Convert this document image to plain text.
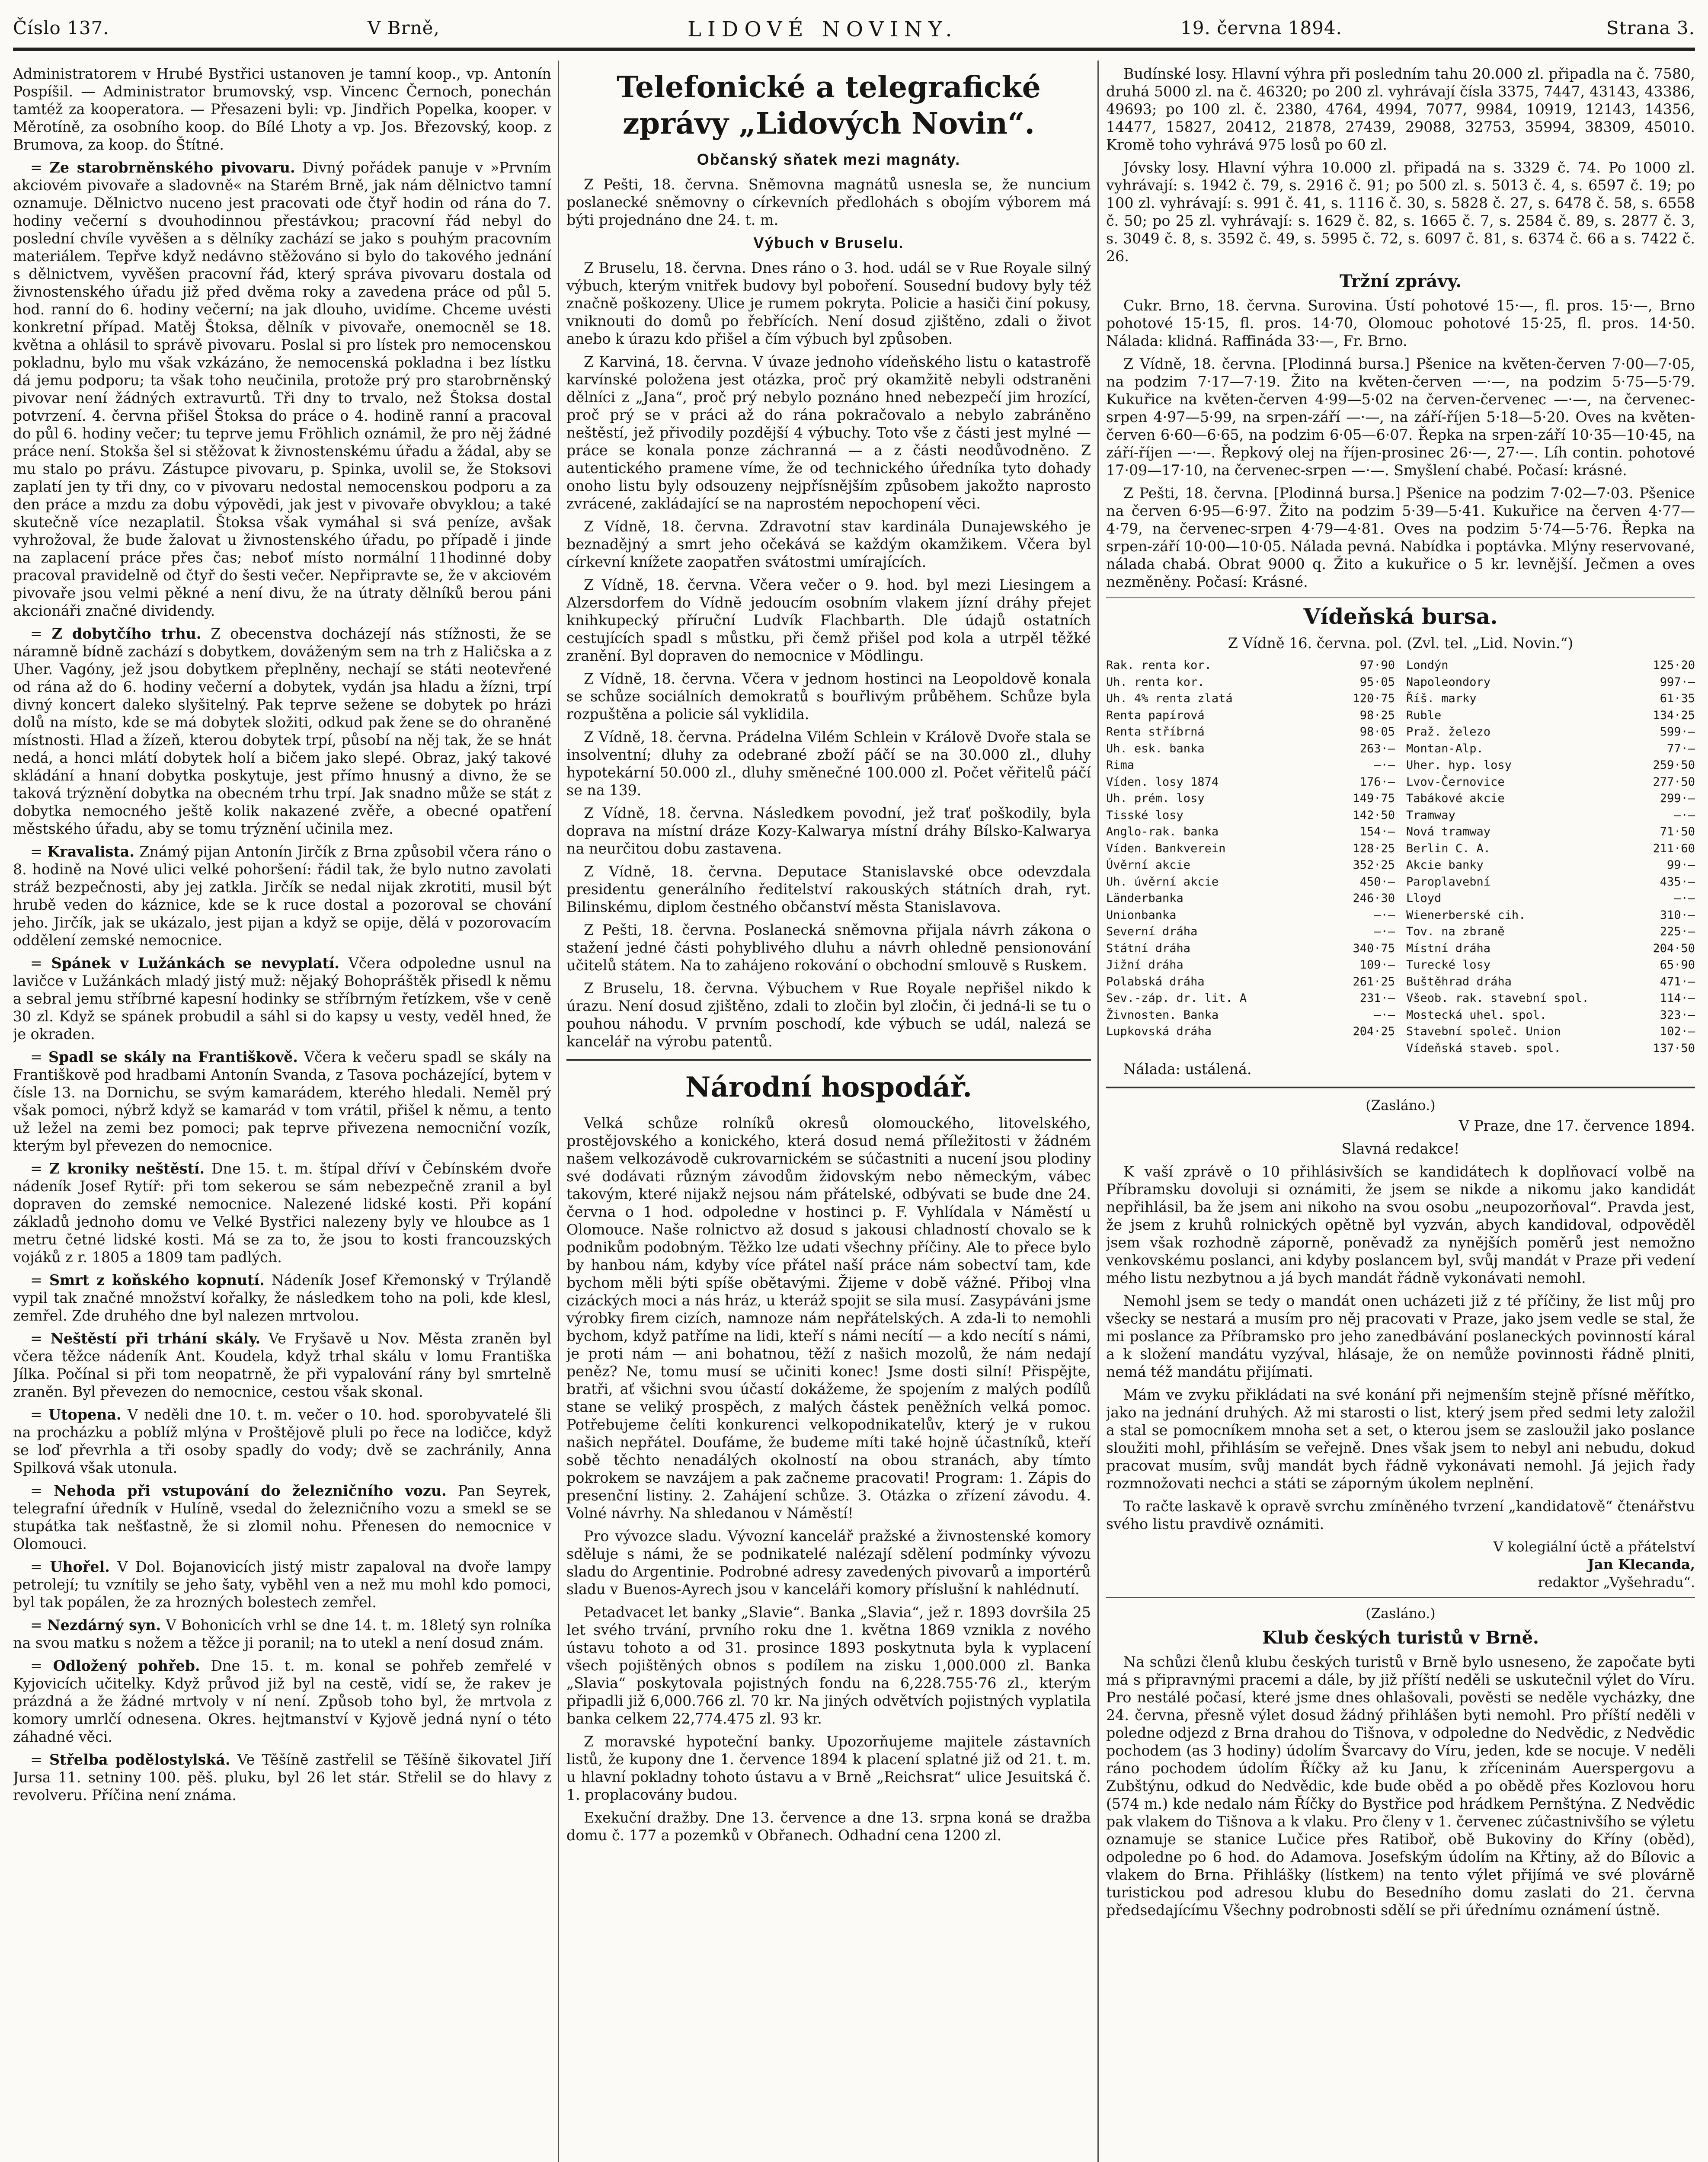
Číslo 137.	V Brně,	LIDOVÉ NOVINY.	19. června 1894.	Strana 3.

Administratorem v Hrubé Bystřici ustanoven je tamní koop., vp. Antonín Pospíšil. — Administrator brumovský, vsp. Vincenc Černoch, ponechán tamtéž za kooperatora. — Přesazeni byli: vp. Jindřich Popelka, kooper. v Měrotíně, za osobního koop. do Bílé Lhoty a vp. Jos. Březovský, koop. z Brumova, za koop. do Štítné.

= Ze starobrněnského pivovaru. Divný pořádek panuje v »Prvním akciovém pivovaře a sladovně« na Starém Brně, jak nám dělnictvo tamní oznamuje. Dělnictvo nuceno jest pracovati ode čtyř hodin od rána do 7. hodiny večerní s dvouhodinnou přestávkou; pracovní řád nebyl do poslední chvíle vyvěšen a s dělníky zachází se jako s pouhým pracovním materiálem. Tepřve když nedávno stěžováno si bylo do takového jednání s dělnictvem, vyvěšen pracovní řád, který správa pivovaru dostala od živnostenského úřadu již před dvěma roky a zavedena práce od půl 5. hod. ranní do 6. hodiny večerní; na jak dlouho, uvidíme. Chceme uvésti konkretní případ. Matěj Štoksa, dělník v pivovaře, onemocněl se 18. května a ohlásil to správě pivovaru. Poslal si pro lístek pro nemocenskou pokladnu, bylo mu však vzkázáno, že nemocenská pokladna i bez lístku dá jemu podporu; ta však toho neučinila, protože prý pro starobrněnský pivovar není žádných extravurtů. Tři dny to trvalo, než Štoksa dostal potvrzení. 4. června přišel Štoksa do práce o 4. hodině ranní a pracoval do půl 6. hodiny večer; tu teprve jemu Fröhlich oznámil, že pro něj žádné práce není. Stokša šel si stěžovat k živnostenskému úřadu a žádal, aby se mu stalo po právu. Zástupce pivovaru, p. Spinka, uvolil se, že Stoksovi zaplatí jen ty tři dny, co v pivovaru nedostal nemocenskou podporu a za den práce a mzdu za dobu výpovědi, jak jest v pivovaře obvyklou; a také skutečně více nezaplatil. Štoksa však vymáhal si svá peníze, avšak vyhrožoval, že bude žalovat u živnostenského úřadu, po případě i jinde na zaplacení práce přes čas; neboť místo normální 11hodinné doby pracoval pravidelně od čtyř do šesti večer. Nepřipravte se, že v akciovém pivovaře jsou velmi pěkné a není divu, že na útraty dělníků berou páni akcionáři značné dividendy.

= Z dobytčího trhu. Z obecenstva docházejí nás stížnosti, že se náramně bídně zachází s dobytkem, dováženým sem na trh z Haličska a z Uher. Vagóny, jež jsou dobytkem přeplněny, nechají se státi neotevřené od rána až do 6. hodiny večerní a dobytek, vydán jsa hladu a žízni, trpí divný koncert daleko slyšitelný. Pak teprve sežene se dobytek po hrázi dolů na místo, kde se má dobytek složiti, odkud pak žene se do ohraněné místnosti. Hlad a žízeň, kterou dobytek trpí, působí na něj tak, že se hnát nedá, a honci mlátí dobytek holí a bičem jako slepé. Obraz, jaký takové skládání a hnaní dobytka poskytuje, jest přímo hnusný a divno, že se taková trýznění dobytka na obecném trhu trpí. Jak snadno může se stát z dobytka nemocného ještě kolik nakazené zvěře, a obecné opatření městského úřadu, aby se tomu trýznění učinila mez.

= Kravalista. Známý pijan Antonín Jirčík z Brna způsobil včera ráno o 8. hodině na Nové ulici velké pohoršení: řádil tak, že bylo nutno zavolati stráž bezpečnosti, aby jej zatkla. Jirčík se nedal nijak zkrotiti, musil být hrubě veden do káznice, kde se k ruce dostal a pozoroval se chování jeho. Jirčík, jak se ukázalo, jest pijan a když se opije, dělá v pozorovacím oddělení zemské nemocnice.

= Spánek v Lužánkách se nevyplatí. Včera odpoledne usnul na lavičce v Lužánkách mladý jistý muž: nějaký Bohopráštěk přisedl k němu a sebral jemu stříbrné kapesní hodinky se stříbrným řetízkem, vše v ceně 30 zl. Když se spánek probudil a sáhl si do kapsy u vesty, veděl hned, že je okraden.

= Spadl se skály na Františkově. Včera k večeru spadl se skály na Františkově pod hradbami Antonín Svanda, z Tasova pocházející, bytem v čísle 13. na Dornichu, se svým kamarádem, kterého hledali. Neměl prý však pomoci, nýbrž když se kamarád v tom vrátil, přišel k němu, a tento už ležel na zemi bez pomoci; pak teprve přivezena nemocniční vozík, kterým byl převezen do nemocnice.

= Z kroniky neštěstí. Dne 15. t. m. štípal dříví v Čebínském dvoře nádeník Josef Rytíř: při tom sekerou se sám nebezpečně zranil a byl dopraven do zemské nemocnice. Nalezené lidské kosti. Při kopání základů jednoho domu ve Velké Bystřici nalezeny byly ve hloubce as 1 metru četné lidské kosti. Má se za to, že jsou to kosti francouzských vojáků z r. 1805 a 1809 tam padlých.

= Smrt z koňského kopnutí. Nádeník Josef Křemonský v Trýlandě vypil tak značné množství kořalky, že následkem toho na poli, kde klesl, zemřel. Zde druhého dne byl nalezen mrtvolou.

= Neštěstí při trhání skály. Ve Fryšavě u Nov. Města zraněn byl včera těžce nádeník Ant. Koudela, když trhal skálu v lomu Františka Jílka. Počínal si při tom neopatrně, že při vypalování rány byl smrtelně zraněn. Byl převezen do nemocnice, cestou však skonal.

= Utopena. V neděli dne 10. t. m. večer o 10. hod. sporobyvatelé šli na procházku a poblíž mlýna v Proštějově pluli po řece na lodičce, když se loď převrhla a tři osoby spadly do vody; dvě se zachránily, Anna Spilková však utonula.

= Nehoda při vstupování do železničního vozu. Pan Seyrek, telegrafní úředník v Hulíně, vsedal do železničního vozu a smekl se se stupátka tak nešťastně, že si zlomil nohu. Přenesen do nemocnice v Olomouci.

= Uhořel. V Dol. Bojanovicích jistý mistr zapaloval na dvoře lampy petrolejí; tu vznítily se jeho šaty, vyběhl ven a než mu mohl kdo pomoci, byl tak popálen, že za hrozných bolestech zemřel.

= Nezdárný syn. V Bohonicích vrhl se dne 14. t. m. 18letý syn rolníka na svou matku s nožem a těžce ji poranil; na to utekl a není dosud znám.

= Odložený pohřeb. Dne 15. t. m. konal se pohřeb zemřelé v Kyjovicích učitelky. Když průvod již byl na cestě, vidí se, že rakev je prázdná a že žádné mrtvoly v ní není. Způsob toho byl, že mrtvola z komory umrlčí odnesena. Okres. hejtmanství v Kyjově jedná nyní o této záhadné věci.

= Střelba podělostylská. Ve Těšíně zastřelil se Těšíně šikovatel Jiří Jursa 11. setniny 100. pěš. pluku, byl 26 let stár. Střelil se do hlavy z revolveru. Příčina není známa.

Telefonické a telegrafické zprávy „Lidových Novin“.
Občanský sňatek mezi magnáty.

Z Pešti, 18. června. Sněmovna magnátů usnesla se, že nuncium poslanecké sněmovny o církevních předlohách s obojím výborem má býti projednáno dne 24. t. m.

Výbuch v Bruselu.

Z Bruselu, 18. června. Dnes ráno o 3. hod. udál se v Rue Royale silný výbuch, kterým vnitřek budovy byl poboření. Sousední budovy byly též značně poškozeny. Ulice je rumem pokryta. Policie a hasiči činí pokusy, vniknouti do domů po řebřících. Není dosud zjištěno, zdali o život anebo k úrazu kdo přišel a čím výbuch byl způsoben.

Z Karviná, 18. června. V úvaze jednoho vídeňského listu o katastrofě karvínské položena jest otázka, proč prý okamžitě nebyli odstraněni dělníci z „Jana“, proč prý nebylo poznáno hned nebezpečí jim hrozící, proč prý se v práci až do rána pokračovalo a nebylo zabráněno neštěstí, jež přivodily pozdější 4 výbuchy. Toto vše z části jest mylné — práce se konala ponze záchranná — a z části neodůvodněno. Z autentického pramene víme, že od technického úředníka tyto dohady onoho listu byly odsouzeny nejpřísnějším způsobem jakožto naprosto zvrácené, zakládající se na naprostém nepochopení věci.

Z Vídně, 18. června. Zdravotní stav kardinála Dunajewského je beznadějný a smrt jeho očekává se každým okamžikem. Včera byl církevní knížete zaopatřen svátostmi umírajících.

Z Vídně, 18. června. Včera večer o 9. hod. byl mezi Liesingem a Alzersdorfem do Vídně jedoucím osobním vlakem jízní dráhy přejet knihkupecký příruční Ludvík Flachbarth. Dle údajů ostatních cestujících spadl s můstku, při čemž přišel pod kola a utrpěl těžké zranění. Byl dopraven do nemocnice v Mödlingu.

Z Vídně, 18. června. Včera v jednom hostinci na Leopoldově konala se schůze sociálních demokratů s bouřlivým průběhem. Schůze byla rozpuštěna a policie sál vyklidila.

Z Vídně, 18. června. Prádelna Vilém Schlein v Králově Dvoře stala se insolventní; dluhy za odebrané zboží páčí se na 30.000 zl., dluhy hypotekární 50.000 zl., dluhy směnečné 100.000 zl. Počet věřitelů páčí se na 139.

Z Vídně, 18. června. Následkem povodní, jež trať poškodily, byla doprava na místní dráze Kozy-Kalwarya místní dráhy Bílsko-Kalwarya na neurčitou dobu zastavena.

Z Vídně, 18. června. Deputace Stanislavské obce odevzdala presidentu generálního ředitelství rakouských státních drah, ryt. Bilinskému, diplom čestného občanství města Stanislavova.

Z Pešti, 18. června. Poslanecká sněmovna přijala návrh zákona o stažení jedné části pohyblivého dluhu a návrh ohledně pensionování učitelů státem. Na to zahájeno rokování o obchodní smlouvě s Ruskem.

Z Bruselu, 18. června. Výbuchem v Rue Royale nepřišel nikdo k úrazu. Není dosud zjištěno, zdali to zločin byl zločin, či jedná-li se tu o pouhou náhodu. V prvním poschodí, kde výbuch se udál, nalezá se kancelář na výrobu patentů.

Národní hospodář.

Velká schůze rolníků okresů olomouckého, litovelského, prostějovského a konického, která dosud nemá příležitosti v žádném našem velkozávodě cukrovarnickém se súčastniti a nucení jsou plodiny své dodávati různým závodům židovským nebo německým, vábec takovým, které nijakž nejsou nám přátelské, odbývati se bude dne 24. června o 1 hod. odpoledne v hostinci p. F. Vyhlídala v Náměstí u Olomouce. Naše rolnictvo až dosud s jakousi chladností chovalo se k podnikům podobným. Těžko lze udati všechny příčiny. Ale to přece bylo by hanbou nám, kdyby více přátel naší práce nám sobectví tam, kde bychom měli býti spíše obětavými. Žijeme v době vážné. Přiboj vlna cizáckých moci a nás hráz, u kteráž spojit se sila musí. Zasypáváni jsme výrobky firem cizích, namnoze nám nepřátelských. A zda-li to nemohli bychom, když patříme na lidi, kteří s námi necítí — a kdo necítí s námi, je proti nám — ani bohatnou, těží z našich mozolů, že nám nedají peněz? Ne, tomu musí se učiniti konec! Jsme dosti silní! Přispějte, bratři, ať všichni svou účastí dokážeme, že spojením z malých podílů stane se veliký prospěch, z malých částek peněžních velká pomoc. Potřebujeme čelíti konkurenci velkopodnikatelův, který je v rukou našich nepřátel. Doufáme, že budeme míti také hojně účastníků, kteří sobě těchto nenadálých okolností na obou stranách, aby tímto pokrokem se navzájem a pak začneme pracovati! Program: 1. Zápis do presenční listiny. 2. Zahájení schůze. 3. Otázka o zřízení závodu. 4. Volné návrhy. Na shledanou v Náměstí!

Pro vývozce sladu. Vývozní kancelář pražské a živnostenské komory sděluje s námi, že se podnikatelé nalézají sdělení podmínky vývozu sladu do Argentinie. Podrobné adresy zavedených pivovarů a importérů sladu v Buenos-Ayrech jsou v kanceláři komory příslušní k nahlédnutí.

Petadvacet let banky „Slavie“. Banka „Slavia“, jež r. 1893 dovršila 25 let svého trvání, prvního roku dne 1. května 1869 vznikla z nového ústavu tohoto a od 31. prosince 1893 poskytnuta byla k vyplacení všech pojištěných obnos s podílem na zisku 1,000.000 zl. Banka „Slavia“ poskytovala pojistných fondu na 6,228.755·76 zl., kterým připadli již 6,000.766 zl. 70 kr. Na jiných odvětvích pojistných vyplatila banka celkem 22,774.475 zl. 93 kr.

Z moravské hypoteční banky. Upozorňujeme majitele zástavních listů, že kupony dne 1. července 1894 k placení splatné již od 21. t. m. u hlavní pokladny tohoto ústavu a v Brně „Reichsrat“ ulice Jesuitská č. 1. proplacovány budou.

Exekuční dražby. Dne 13. července a dne 13. srpna koná se dražba domu č. 177 a pozemků v Obřanech. Odhadní cena 1200 zl.

Budínské losy. Hlavní výhra při posledním tahu 20.000 zl. připadla na č. 7580, druhá 5000 zl. na č. 46320; po 200 zl. vyhrávají čísla 3375, 7447, 43143, 43386, 49693; po 100 zl. č. 2380, 4764, 4994, 7077, 9984, 10919, 12143, 14356, 14477, 15827, 20412, 21878, 27439, 29088, 32753, 35994, 38309, 45010. Kromě toho vyhrává 975 losů po 60 zl.

Jóvsky losy. Hlavní výhra 10.000 zl. připadá na s. 3329 č. 74. Po 1000 zl. vyhrávají: s. 1942 č. 79, s. 2916 č. 91; po 500 zl. s. 5013 č. 4, s. 6597 č. 19; po 100 zl. vyhrávají: s. 991 č. 41, s. 1116 č. 30, s. 5828 č. 27, s. 6478 č. 58, s. 6558 č. 50; po 25 zl. vyhrávají: s. 1629 č. 82, s. 1665 č. 7, s. 2584 č. 89, s. 2877 č. 3, s. 3049 č. 8, s. 3592 č. 49, s. 5995 č. 72, s. 6097 č. 81, s. 6374 č. 66 a s. 7422 č. 26.

Tržní zprávy.

Cukr. Brno, 18. června. Surovina. Ústí pohotové 15·—, fl. pros. 15·—, Brno pohotové 15·15, fl. pros. 14·70, Olomouc pohotové 15·25, fl. pros. 14·50. Nálada: klidná. Raffináda 33·—, Fr. Brno.

Z Vídně, 18. června. [Plodinná bursa.] Pšenice na květen-červen 7·00—7·05, na podzim 7·17—7·19. Žito na květen-červen —·—, na podzim 5·75—5·79. Kukuřice na květen-červen 4·99—5·02 na červen-červenec —·—, na červenec-srpen 4·97—5·99, na srpen-září —·—, na září-říjen 5·18—5·20. Oves na květen-červen 6·60—6·65, na podzim 6·05—6·07. Řepka na srpen-září 10·35—10·45, na září-říjen —·—. Řepkový olej na říjen-prosinec 26·—, 27·—. Líh contin. pohotové 17·09—17·10, na červenec-srpen —·—. Smyšlení chabé. Počasí: krásné.

Z Pešti, 18. června. [Plodinná bursa.] Pšenice na podzim 7·02—7·03. Pšenice na červen 6·95—6·97. Žito na podzim 5·39—5·41. Kukuřice na červen 4·77—4·79, na červenec-srpen 4·79—4·81. Oves na podzim 5·74—5·76. Řepka na srpen-září 10·00—10·05. Nálada pevná. Nabídka i poptávka. Mlýny reservované, nálada chabá. Obrat 9000 q. Žito a kukuřice o 5 kr. levnější. Ječmen a oves nezměněny. Počasí: Krásné.

Vídeňská bursa.

Z Vídně 16. června. pol. (Zvl. tel. „Lid. Novin.“)

Rak. renta kor.	97·90
Uh. renta kor.	95·05
Uh. 4% renta zlatá	120·75
Renta papírová	98·25
Renta stříbrná	98·05
Uh. esk. banka	263·—
Rima	—·—
Víden. losy 1874	176·—
Uh. prém. losy	149·75
Tisské losy	142·50
Anglo-rak. banka	154·—
Víden. Bankverein	128·25
Úvěrní akcie	352·25
Uh. úvěrní akcie	450·—
Länderbanka	246·30
Unionbanka	—·—
Severní dráha	—·—
Státní dráha	340·75
Jižní dráha	109·—
Polabská dráha	261·25
Sev.-záp. dr. lit. A	231·—
Živnosten. Banka	—·—
Lupkovská dráha	204·25
Londýn	125·20
Napoleondory	997·—
Říš. marky	61·35
Ruble	134·25
Praž. železo	599·—
Montan-Alp.	77·—
Uher. hyp. losy	259·50
Lvov-Černovice	277·50
Tabákové akcie	299·—
Tramway	—·—
Nová tramway	71·50
Berlin C. A.	211·60
Akcie banky	99·—
Paroplavební	435·—
Lloyd	—·—
Wienerberské cih.	310·—
Tov. na zbraně	225·—
Místní dráha	204·50
Turecké losy	65·90
Buštěhrad dráha	471·—
Všeob. rak. stavební spol.	114·—
Mostecká uhel. spol.	323·—
Stavební společ. Union	102·—
Vídeňská staveb. spol.	137·50

Nálada: ustálená.

(Zasláno.)

V Praze, dne 17. července 1894.

Slavná redakce!

K vaší zprávě o 10 přihlásivších se kandidátech k doplňovací volbě na Příbramsku dovoluji si oznámiti, že jsem se nikde a nikomu jako kandidát nepřihlásil, ba že jsem ani nikoho na svou osobu „neupozorňoval“. Pravda jest, že jsem z kruhů rolnických opětně byl vyzván, abych kandidoval, odpověděl jsem však rozhodně záporně, poněvadž za nynějších poměrů jest nemožno venkovskému poslanci, ani kdyby poslancem byl, svůj mandát v Praze při vedení mého listu nezbytnou a já bych mandát řádně vykonávati nemohl.

Nemohl jsem se tedy o mandát onen ucházeti již z té příčiny, že list můj pro všecky se nestará a musím pro něj pracovati v Praze, jako jsem vedle se stal, že mi poslance za Příbramsko pro jeho zanedbávání poslaneckých povinností káral a k složení mandátu vyzýval, hlásaje, že on nemůže povinnosti řádně plniti, nemá též mandátu přijímati.

Mám ve zvyku přikládati na své konání při nejmenším stejně přísné měřítko, jako na jednání druhých. Až mi starosti o list, který jsem před sedmi lety založil a stal se pomocníkem mnoha set a set, o kterou jsem se zasloužil jako poslance sloužiti mohl, přihlásím se veřejně. Dnes však jsem to nebyl ani nebudu, dokud pracovat musím, svůj mandát bych řádně vykonávati nemohl. Já jejich řady rozmnožovati nechci a státi se záporným úkolem neplnění.

To račte laskavě k opravě svrchu zmíněného tvrzení „kandidatově“ čtenářstvu svého listu pravdivě oznámiti.

V kolegiální úctě a přátelství

Jan Klecanda,

redaktor „Vyšehradu“.

(Zasláno.)
Klub českých turistů v Brně.

Na schůzi členů klubu českých turistů v Brně bylo usneseno, že započate byti má s připravnými pracemi a dále, by již příští neděli se uskutečnil výlet do Víru. Pro nestálé počasí, které jsme dnes ohlašovali, pověsti se neděle vycházky, dne 24. června, přesně výlet dosud žádný přihlášen byti nemohl. Pro příští neděli v poledne odjezd z Brna drahou do Tišnova, v odpoledne do Nedvědic, z Nedvědic pochodem (as 3 hodiny) údolím Švarcavy do Víru, jeden, kde se nocuje. V neděli ráno pochodem údolím Říčky až ku Janu, k zříceninám Auerspergovu a Zubštýnu, odkud do Nedvědic, kde bude oběd a po obědě přes Kozlovou horu (574 m.) kde nedalo nám Říčky do Bystřice pod hrádkem Pernštýna. Z Nedvědic pak vlakem do Tišnova a k vlaku. Pro členy v 1. červenec zúčastnivšího se výletu oznamuje se stanice Lučice přes Ratiboř, obě Bukoviny do Kříny (oběd), odpoledne po 6 hod. do Adamova. Josefským údolím na Křtiny, až do Bílovic a vlakem do Brna. Přihlášky (lístkem) na tento výlet přijímá ve své plovárně turistickou pod adresou klubu do Besedního domu zaslati do 21. června předsedajícímu Všechny podrobnosti sdělí se při úřednímu oznámení ústně.
